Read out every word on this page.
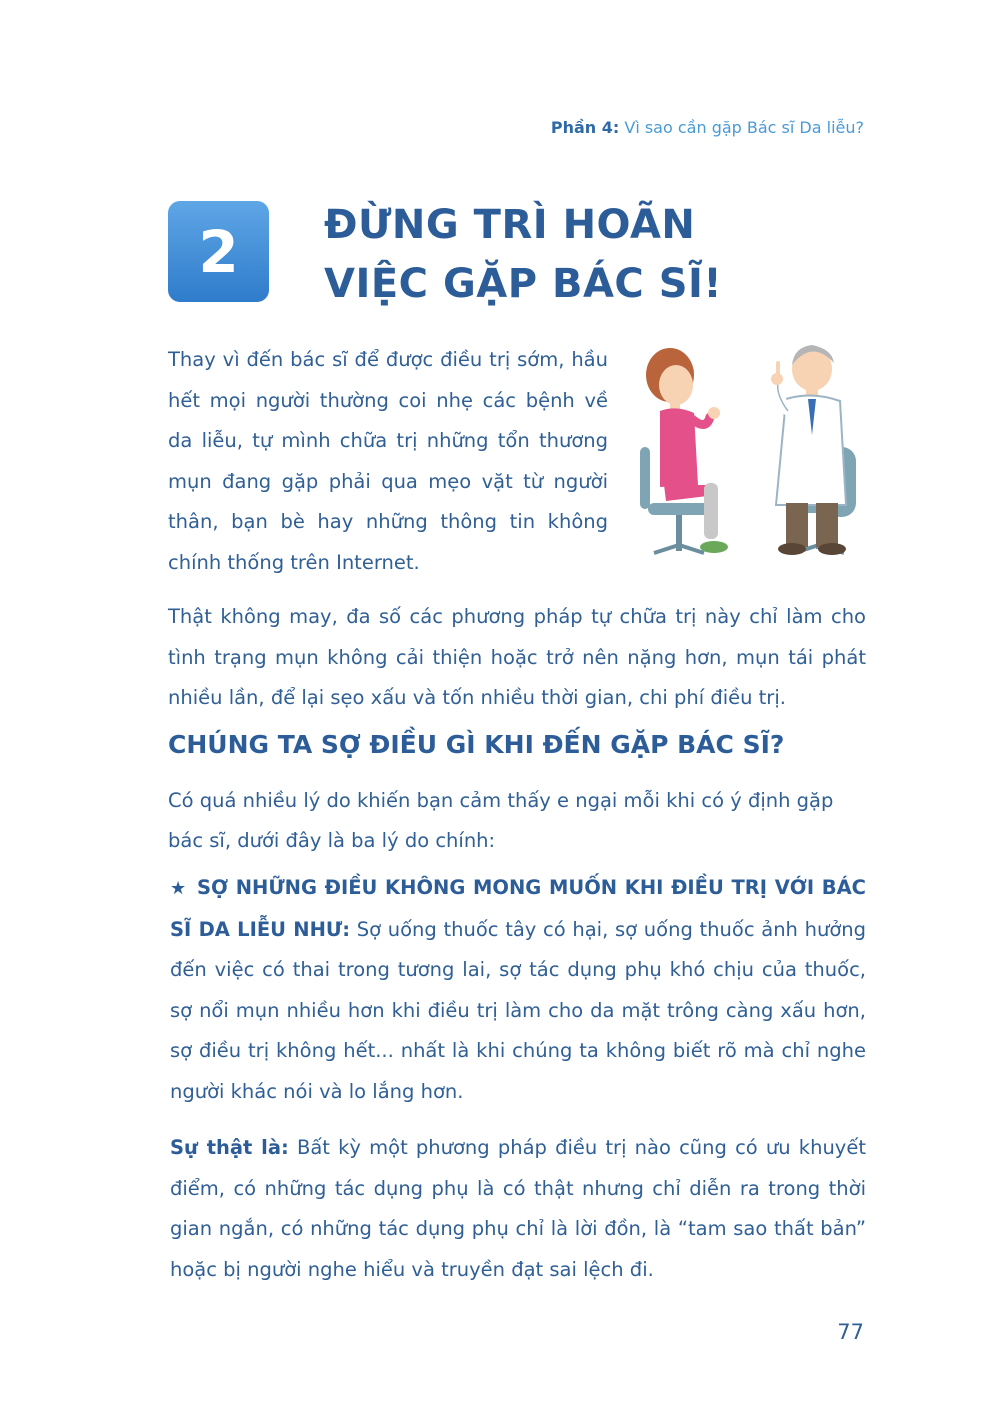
Phần 4: Vì sao cần gặp Bác sĩ Da liễu?
2	ĐỪNG TRÌ HOÃN
VIỆC GẶP BÁC SĨ!
Thay vì đến bác sĩ để được điều trị sớm, hầu hết mọi người thường coi nhẹ các bệnh về da liễu, tự mình chữa trị những tổn thương mụn đang gặp phải qua mẹo vặt từ người thân, bạn bè hay những thông tin không chính thống trên Internet.
Thật không may, đa số các phương pháp tự chữa trị này chỉ làm cho tình trạng mụn không cải thiện hoặc trở nên nặng hơn, mụn tái phát nhiều lần, để lại sẹo xấu và tốn nhiều thời gian, chi phí điều trị.
CHÚNG TA SỢ ĐIỀU GÌ KHI ĐẾN GẶP BÁC SĨ?
Có quá nhiều lý do khiến bạn cảm thấy e ngại mỗi khi có ý định gặp bác sĩ, dưới đây là ba lý do chính:
★ SỢ NHỮNG ĐIỀU KHÔNG MONG MUỐN KHI ĐIỀU TRỊ VỚI BÁC SĨ DA LIỄU NHƯ: Sợ uống thuốc tây có hại, sợ uống thuốc ảnh hưởng đến việc có thai trong tương lai, sợ tác dụng phụ khó chịu của thuốc, sợ nổi mụn nhiều hơn khi điều trị làm cho da mặt trông càng xấu hơn, sợ điều trị không hết... nhất là khi chúng ta không biết rõ mà chỉ nghe người khác nói và lo lắng hơn.
Sự thật là: Bất kỳ một phương pháp điều trị nào cũng có ưu khuyết điểm, có những tác dụng phụ là có thật nhưng chỉ diễn ra trong thời gian ngắn, có những tác dụng phụ chỉ là lời đồn, là “tam sao thất bản” hoặc bị người nghe hiểu và truyền đạt sai lệch đi.
77
